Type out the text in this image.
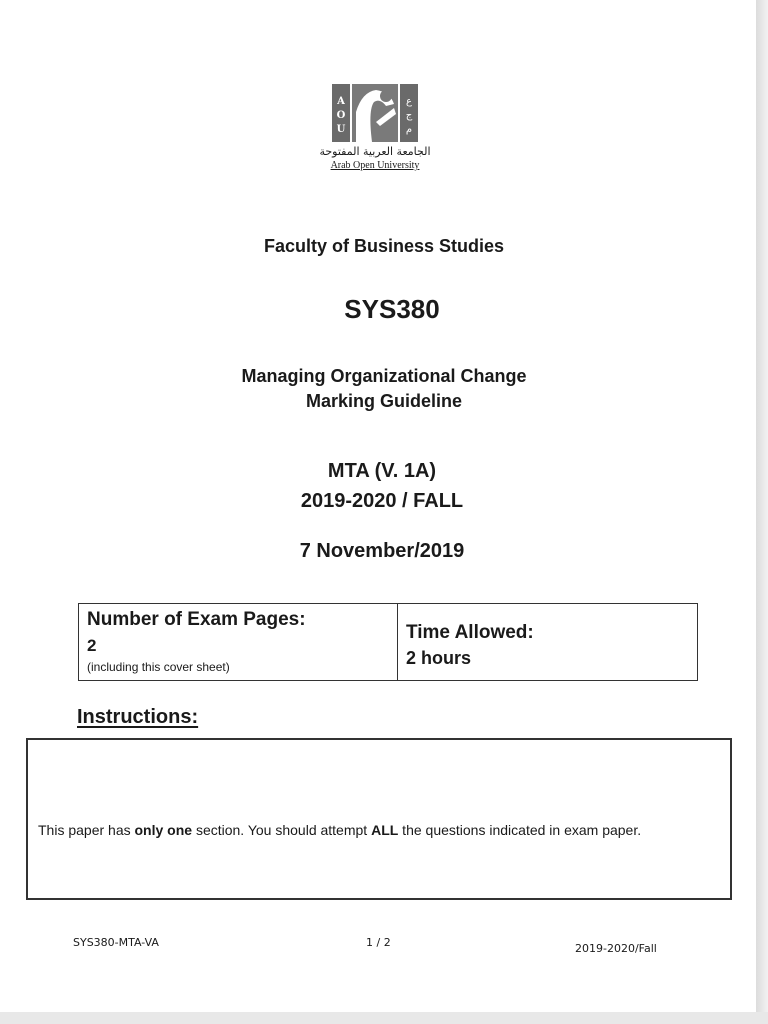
A
O
U
ع
ج
م
الجامعة العربية المفتوحة
Arab Open University
Faculty of Business Studies
SYS380
Managing Organizational Change
Marking Guideline
MTA (V. 1A)
2019-2020 / FALL
7 November/2019
Number of Exam Pages:
2
(including this cover sheet)
Time Allowed:
2 hours
Instructions:
This paper has only one section. You should attempt ALL the questions indicated in exam paper.
SYS380-MTA-VA	1 / 2	2019-2020/Fall
